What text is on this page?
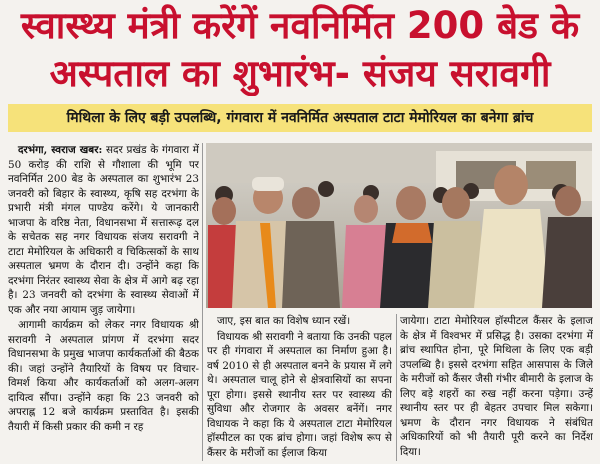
स्वास्थ्य मंत्री करेंगें नवनिर्मित 200 बेड के
अस्पताल का शुभारंभ- संजय सरावगी
मिथिला के लिए बड़ी उपलब्धि, गंगवारा में नवनिर्मित अस्पताल टाटा मेमोरियल का बनेगा ब्रांच

दरभंगा, स्वराज खबर: सदर प्रखंड के गंगवारा में 50 करोड़ की राशि से गौशाला की भूमि पर नवनिर्मित 200 बेड के अस्पताल का शुभारंभ 23 जनवरी को बिहार के स्वास्थ्य, कृषि सह दरभंगा के प्रभारी मंत्री मंगल पाण्डेय करेंगे। ये जानकारी भाजपा के वरिष्ठ नेता, विधानसभा में सत्तारूढ़ दल के सचेतक सह नगर विधायक संजय सरावगी ने टाटा मेमोरियल के अधिकारी व चिकित्सकों के साथ अस्पताल भ्रमण के दौरान दी। उन्होंने कहा कि दरभंगा निरंतर स्वास्थ्य सेवा के क्षेत्र में आगे बढ़ रहा है। 23 जनवरी को दरभंगा के स्वास्थ्य सेवाओं में एक और नया आयाम जुड़ जायेगा।

आगामी कार्यक्रम को लेकर नगर विधायक श्री सरावगी ने अस्पताल प्रांगण में दरभंगा सदर विधानसभा के प्रमुख भाजपा कार्यकर्ताओं की बैठक की। जहां उन्होंने तैयारियों के विषय पर विचार-विमर्श किया और कार्यकर्ताओं को अलग-अलग दायित्व सौंपा। उन्होंने कहा कि 23 जनवरी को अपराह्न 12 बजे कार्यक्रम प्रस्तावित है। इसकी तैयारी में किसी प्रकार की कमी न रह

जाए, इस बात का विशेष ध्यान रखें।

विधायक श्री सरावगी ने बताया कि उनकी पहल पर ही गंगवारा में अस्पताल का निर्माण हुआ है। वर्ष 2010 से ही अस्पताल बनने के प्रयास में लगे थे। अस्पताल चालू होने से क्षेत्रवासियों का सपना पूरा होगा। इससे स्थानीय स्तर पर स्वास्थ्य की सुविधा और रोजगार के अवसर बनेंगें। नगर विधायक ने कहा कि ये अस्पताल टाटा मेमोरियल हॉस्पीटल का एक ब्रांच होगा। जहां विशेष रूप से कैंसर के मरीजों का ईलाज किया

जायेगा। टाटा मेमोरियल हॉस्पीटल कैंसर के इलाज के क्षेत्र में विश्वभर में प्रसिद्ध है। उसका दरभंगा में ब्रांच स्थापित होना, पूरे मिथिला के लिए एक बड़ी उपलब्धि है। इससे दरभंगा सहित आसपास के जिले के मरीजों को कैंसर जैसी गंभीर बीमारी के इलाज के लिए बड़े शहरों का रुख नहीं करना पड़ेगा। उन्हें स्थानीय स्तर पर ही बेहतर उपचार मिल सकेगा। भ्रमण के दौरान नगर विधायक ने संबंधित अधिकारियों को भी तैयारी पूरी करने का निर्देश दिया।
